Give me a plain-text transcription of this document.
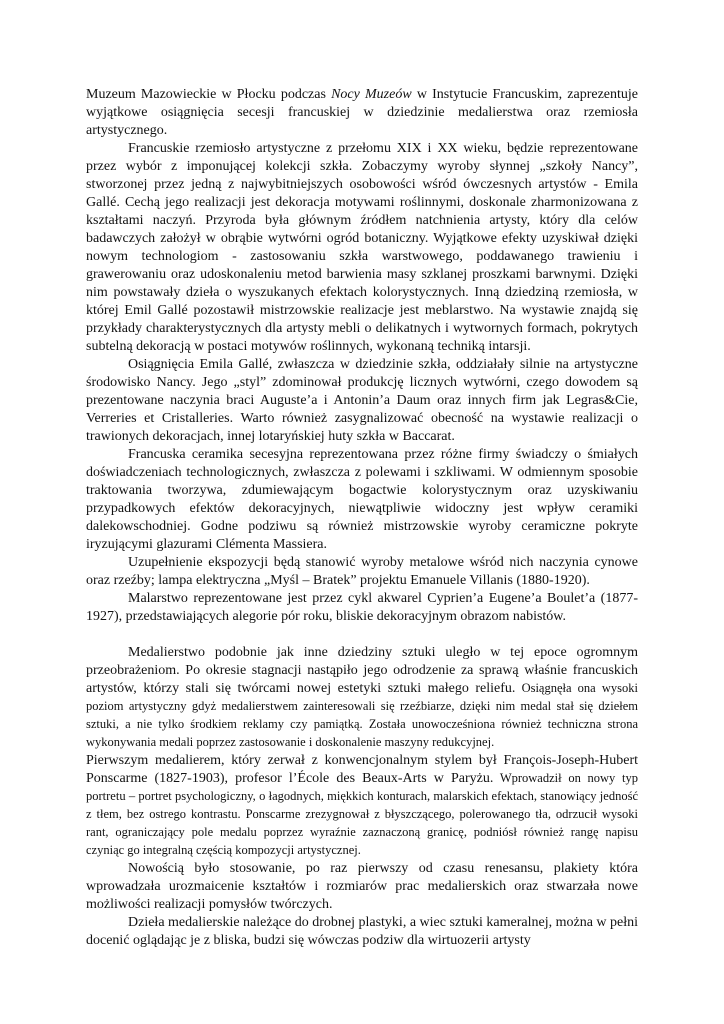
Muzeum Mazowieckie w Płocku podczas Nocy Muzeów w Instytucie Francuskim, zaprezentuje wyjątkowe osiągnięcia secesji francuskiej w dziedzinie medalierstwa oraz rzemiosła artystycznego.

Francuskie rzemiosło artystyczne z przełomu XIX i XX wieku, będzie reprezentowane przez wybór z imponującej kolekcji szkła. Zobaczymy wyroby słynnej „szkoły Nancy”, stworzonej przez jedną z najwybitniejszych osobowości wśród ówczesnych artystów - Emila Gallé. Cechą jego realizacji jest dekoracja motywami roślinnymi, doskonale zharmonizowana z kształtami naczyń. Przyroda była głównym źródłem natchnienia artysty, który dla celów badawczych założył w obrąbie wytwórni ogród botaniczny. Wyjątkowe efekty uzyskiwał dzięki nowym technologiom - zastosowaniu szkła warstwowego, poddawanego trawieniu i grawerowaniu oraz udoskonaleniu metod barwienia masy szklanej proszkami barwnymi. Dzięki nim powstawały dzieła o wyszukanych efektach kolorystycznych. Inną dziedziną rzemiosła, w której Emil Gallé pozostawił mistrzowskie realizacje jest meblarstwo. Na wystawie znajdą się przykłady charakterystycznych dla artysty mebli o delikatnych i wytwornych formach, pokrytych subtelną dekoracją w postaci motywów roślinnych, wykonaną techniką intarsji.

Osiągnięcia Emila Gallé, zwłaszcza w dziedzinie szkła, oddziałały silnie na artystyczne środowisko Nancy. Jego „styl” zdominował produkcję licznych wytwórni, czego dowodem są prezentowane naczynia braci Auguste’a i Antonin’a Daum oraz innych firm jak Legras&Cie, Verreries et Cristalleries. Warto również zasygnalizować obecność na wystawie realizacji o trawionych dekoracjach, innej lotaryńskiej huty szkła w Baccarat.

Francuska ceramika secesyjna reprezentowana przez różne firmy świadczy o śmiałych doświadczeniach technologicznych, zwłaszcza z polewami i szkliwami. W odmiennym sposobie traktowania tworzywa, zdumiewającym bogactwie kolorystycznym oraz uzyskiwaniu przypadkowych efektów dekoracyjnych, niewątpliwie widoczny jest wpływ ceramiki dalekowschodniej. Godne podziwu są również mistrzowskie wyroby ceramiczne pokryte iryzującymi glazurami Clémenta Massiera.

Uzupełnienie ekspozycji będą stanowić wyroby metalowe wśród nich naczynia cynowe oraz rzeźby; lampa elektryczna „Myśl – Bratek” projektu Emanuele Villanis (1880-1920).

Malarstwo reprezentowane jest przez cykl akwarel Cyprien’a Eugene’a Boulet’a (1877-1927), przedstawiających alegorie pór roku, bliskie dekoracyjnym obrazom nabistów.

Medalierstwo podobnie jak inne dziedziny sztuki uległo w tej epoce ogromnym przeobrażeniom. Po okresie stagnacji nastąpiło jego odrodzenie za sprawą właśnie francuskich artystów, którzy stali się twórcami nowej estetyki sztuki małego reliefu. Osiągnęła ona wysoki poziom artystyczny gdyż medalierstwem zainteresowali się rzeźbiarze, dzięki nim medal stał się dziełem sztuki, a nie tylko środkiem reklamy czy pamiątką. Została unowocześniona również techniczna strona wykonywania medali poprzez zastosowanie i doskonalenie maszyny redukcyjnej.

Pierwszym medalierem, który zerwał z konwencjonalnym stylem był François-Joseph-Hubert Ponscarme (1827-1903), profesor l’École des Beaux-Arts w Paryżu. Wprowadził on nowy typ portretu – portret psychologiczny, o łagodnych, miękkich konturach, malarskich efektach, stanowiący jedność z tłem, bez ostrego kontrastu. Ponscarme zrezygnował z błyszczącego, polerowanego tła, odrzucił wysoki rant, ograniczający pole medalu poprzez wyraźnie zaznaczoną granicę, podniósł również rangę napisu czyniąc go integralną częścią kompozycji artystycznej.

Nowością było stosowanie, po raz pierwszy od czasu renesansu, plakiety która wprowadzała urozmaicenie kształtów i rozmiarów prac medalierskich oraz stwarzała nowe możliwości realizacji pomysłów twórczych.

Dzieła medalierskie należące do drobnej plastyki, a wiec sztuki kameralnej, można w pełni docenić oglądając je z bliska, budzi się wówczas podziw dla wirtuozerii artysty
